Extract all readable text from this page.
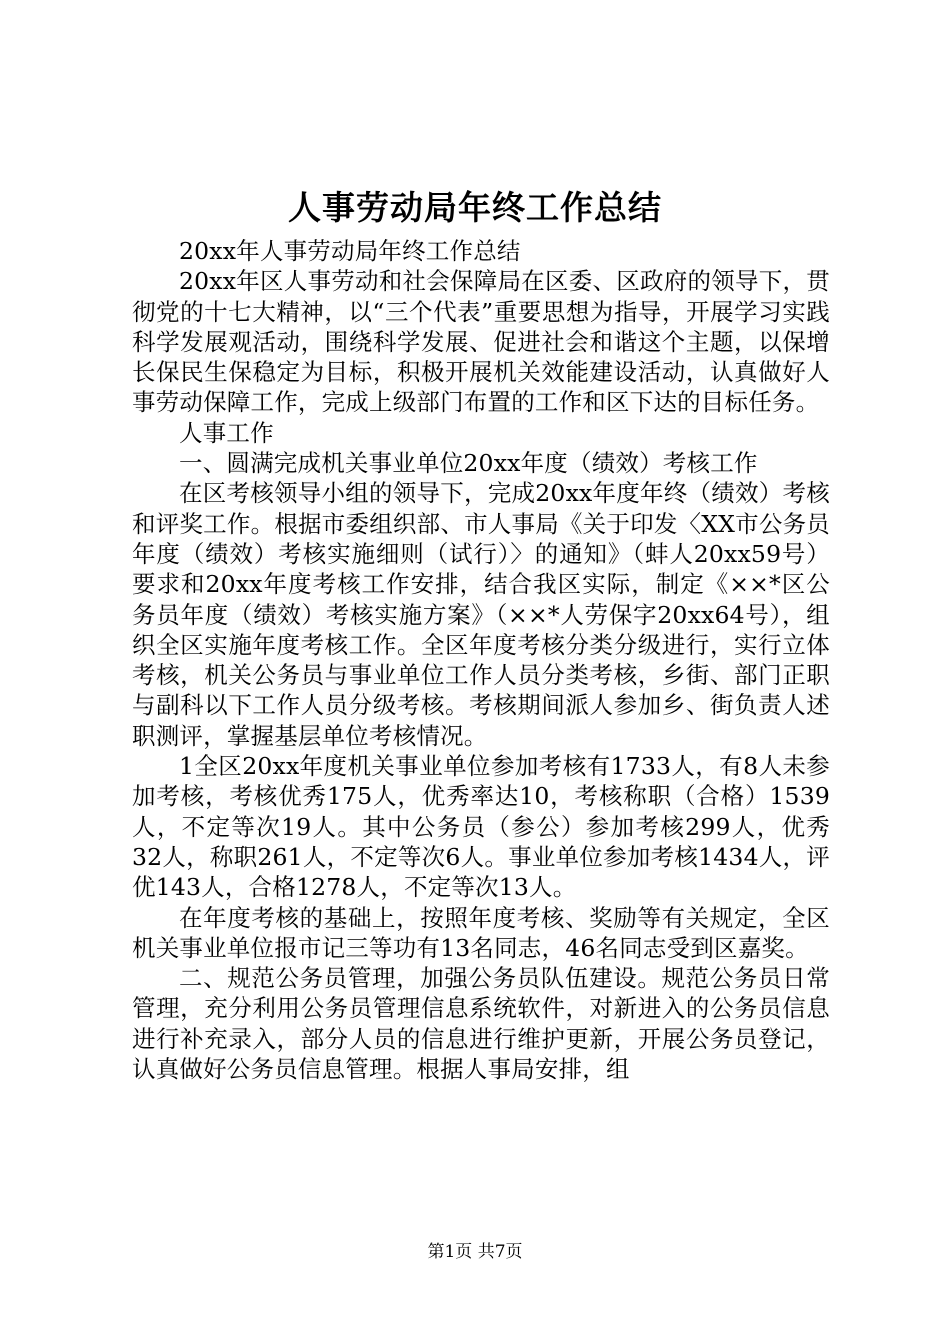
人事劳动局年终工作总结

20xx年人事劳动局年终工作总结

20xx年区人事劳动和社会保障局在区委、区政府的领导下，贯彻党的十七大精神，以“三个代表”重要思想为指导，开展学习实践科学发展观活动，围绕科学发展、促进社会和谐这个主题，以保增长保民生保稳定为目标，积极开展机关效能建设活动，认真做好人事劳动保障工作，完成上级部门布置的工作和区下达的目标任务。

人事工作

一、圆满完成机关事业单位20xx年度（绩效）考核工作

在区考核领导小组的领导下，完成20xx年度年终（绩效）考核和评奖工作。根据市委组织部、市人事局《关于印发〈XX市公务员年度（绩效）考核实施细则（试行）〉的通知》（蚌人20xx59号）要求和20xx年度考核工作安排，结合我区实际，制定《××*区公务员年度（绩效）考核实施方案》（××*人劳保字20xx64号），组织全区实施年度考核工作。全区年度考核分类分级进行，实行立体考核，机关公务员与事业单位工作人员分类考核，乡街、部门正职与副科以下工作人员分级考核。考核期间派人参加乡、街负责人述职测评，掌握基层单位考核情况。

1全区20xx年度机关事业单位参加考核有1733人，有8人未参加考核，考核优秀175人，优秀率达10，考核称职（合格）1539人，不定等次19人。其中公务员（参公）参加考核299人，优秀32人，称职261人，不定等次6人。事业单位参加考核1434人，评优143人，合格1278人，不定等次13人。

在年度考核的基础上，按照年度考核、奖励等有关规定，全区机关事业单位报市记三等功有13名同志，46名同志受到区嘉奖。

二、规范公务员管理，加强公务员队伍建设。规范公务员日常管理，充分利用公务员管理信息系统软件，对新进入的公务员信息进行补充录入，部分人员的信息进行维护更新，开展公务员登记，认真做好公务员信息管理。根据人事局安排，组

第1页 共7页
